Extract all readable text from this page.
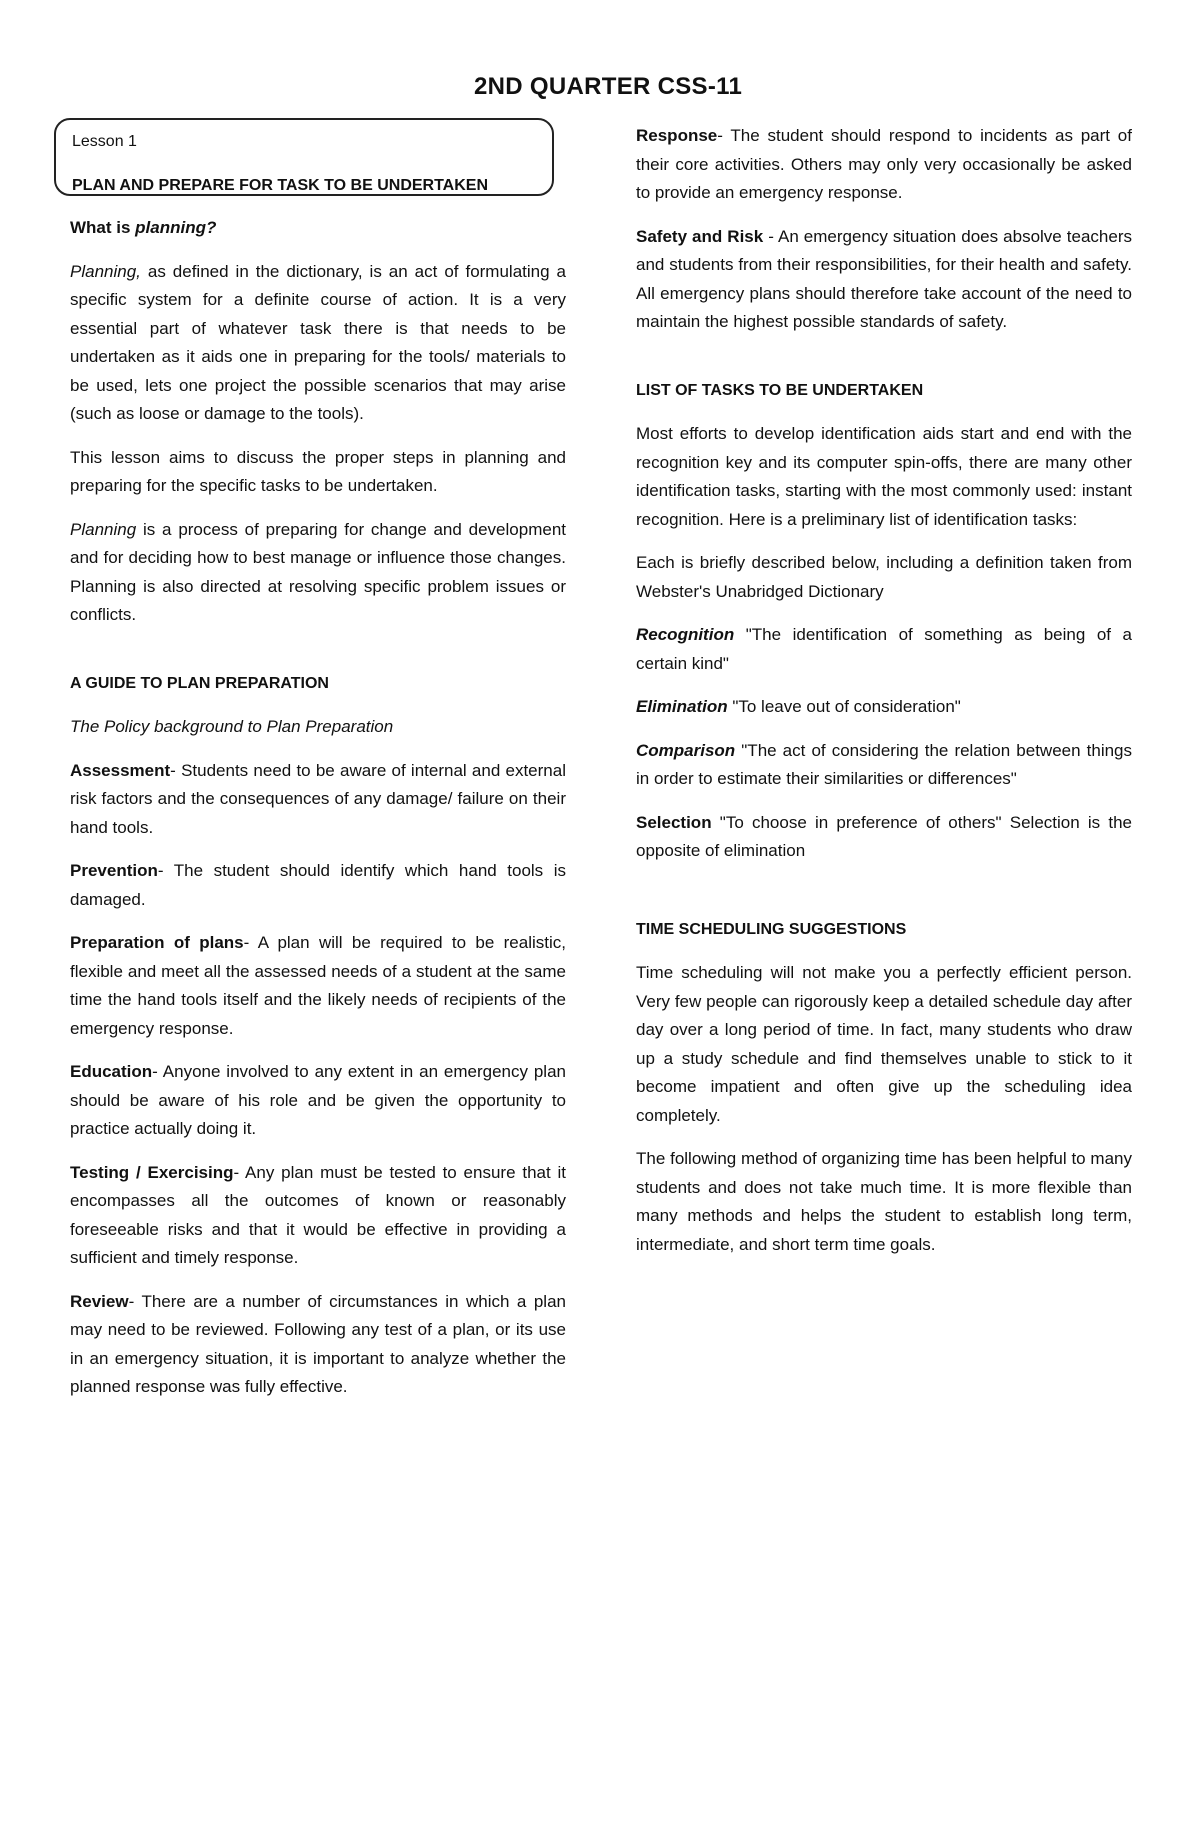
2ND QUARTER CSS-11
Lesson 1
PLAN AND PREPARE FOR TASK TO BE UNDERTAKEN

What is planning?

Planning, as defined in the dictionary, is an act of formulating a specific system for a definite course of action. It is a very essential part of whatever task there is that needs to be undertaken as it aids one in preparing for the tools/ materials to be used, lets one project the possible scenarios that may arise (such as loose or damage to the tools).

This lesson aims to discuss the proper steps in planning and preparing for the specific tasks to be undertaken.

Planning is a process of preparing for change and development and for deciding how to best manage or influence those changes. Planning is also directed at resolving specific problem issues or conflicts.

A GUIDE TO PLAN PREPARATION

The Policy background to Plan Preparation

Assessment- Students need to be aware of internal and external risk factors and the consequences of any damage/ failure on their hand tools.

Prevention- The student should identify which hand tools is damaged.

Preparation of plans- A plan will be required to be realistic, flexible and meet all the assessed needs of a student at the same time the hand tools itself and the likely needs of recipients of the emergency response.

Education- Anyone involved to any extent in an emergency plan should be aware of his role and be given the opportunity to practice actually doing it.

Testing / Exercising- Any plan must be tested to ensure that it encompasses all the outcomes of known or reasonably foreseeable risks and that it would be effective in providing a sufficient and timely response.

Review- There are a number of circumstances in which a plan may need to be reviewed. Following any test of a plan, or its use in an emergency situation, it is important to analyze whether the planned response was fully effective.

Response- The student should respond to incidents as part of their core activities. Others may only very occasionally be asked to provide an emergency response.

Safety and Risk - An emergency situation does absolve teachers and students from their responsibilities, for their health and safety. All emergency plans should therefore take account of the need to maintain the highest possible standards of safety.

LIST OF TASKS TO BE UNDERTAKEN

Most efforts to develop identification aids start and end with the recognition key and its computer spin-offs, there are many other identification tasks, starting with the most commonly used: instant recognition. Here is a preliminary list of identification tasks:

Each is briefly described below, including a definition taken from Webster's Unabridged Dictionary

Recognition "The identification of something as being of a certain kind"

Elimination "To leave out of consideration"

Comparison "The act of considering the relation between things in order to estimate their similarities or differences"

Selection "To choose in preference of others" Selection is the opposite of elimination

TIME SCHEDULING SUGGESTIONS

Time scheduling will not make you a perfectly efficient person. Very few people can rigorously keep a detailed schedule day after day over a long period of time. In fact, many students who draw up a study schedule and find themselves unable to stick to it become impatient and often give up the scheduling idea completely.

The following method of organizing time has been helpful to many students and does not take much time. It is more flexible than many methods and helps the student to establish long term, intermediate, and short term time goals.
